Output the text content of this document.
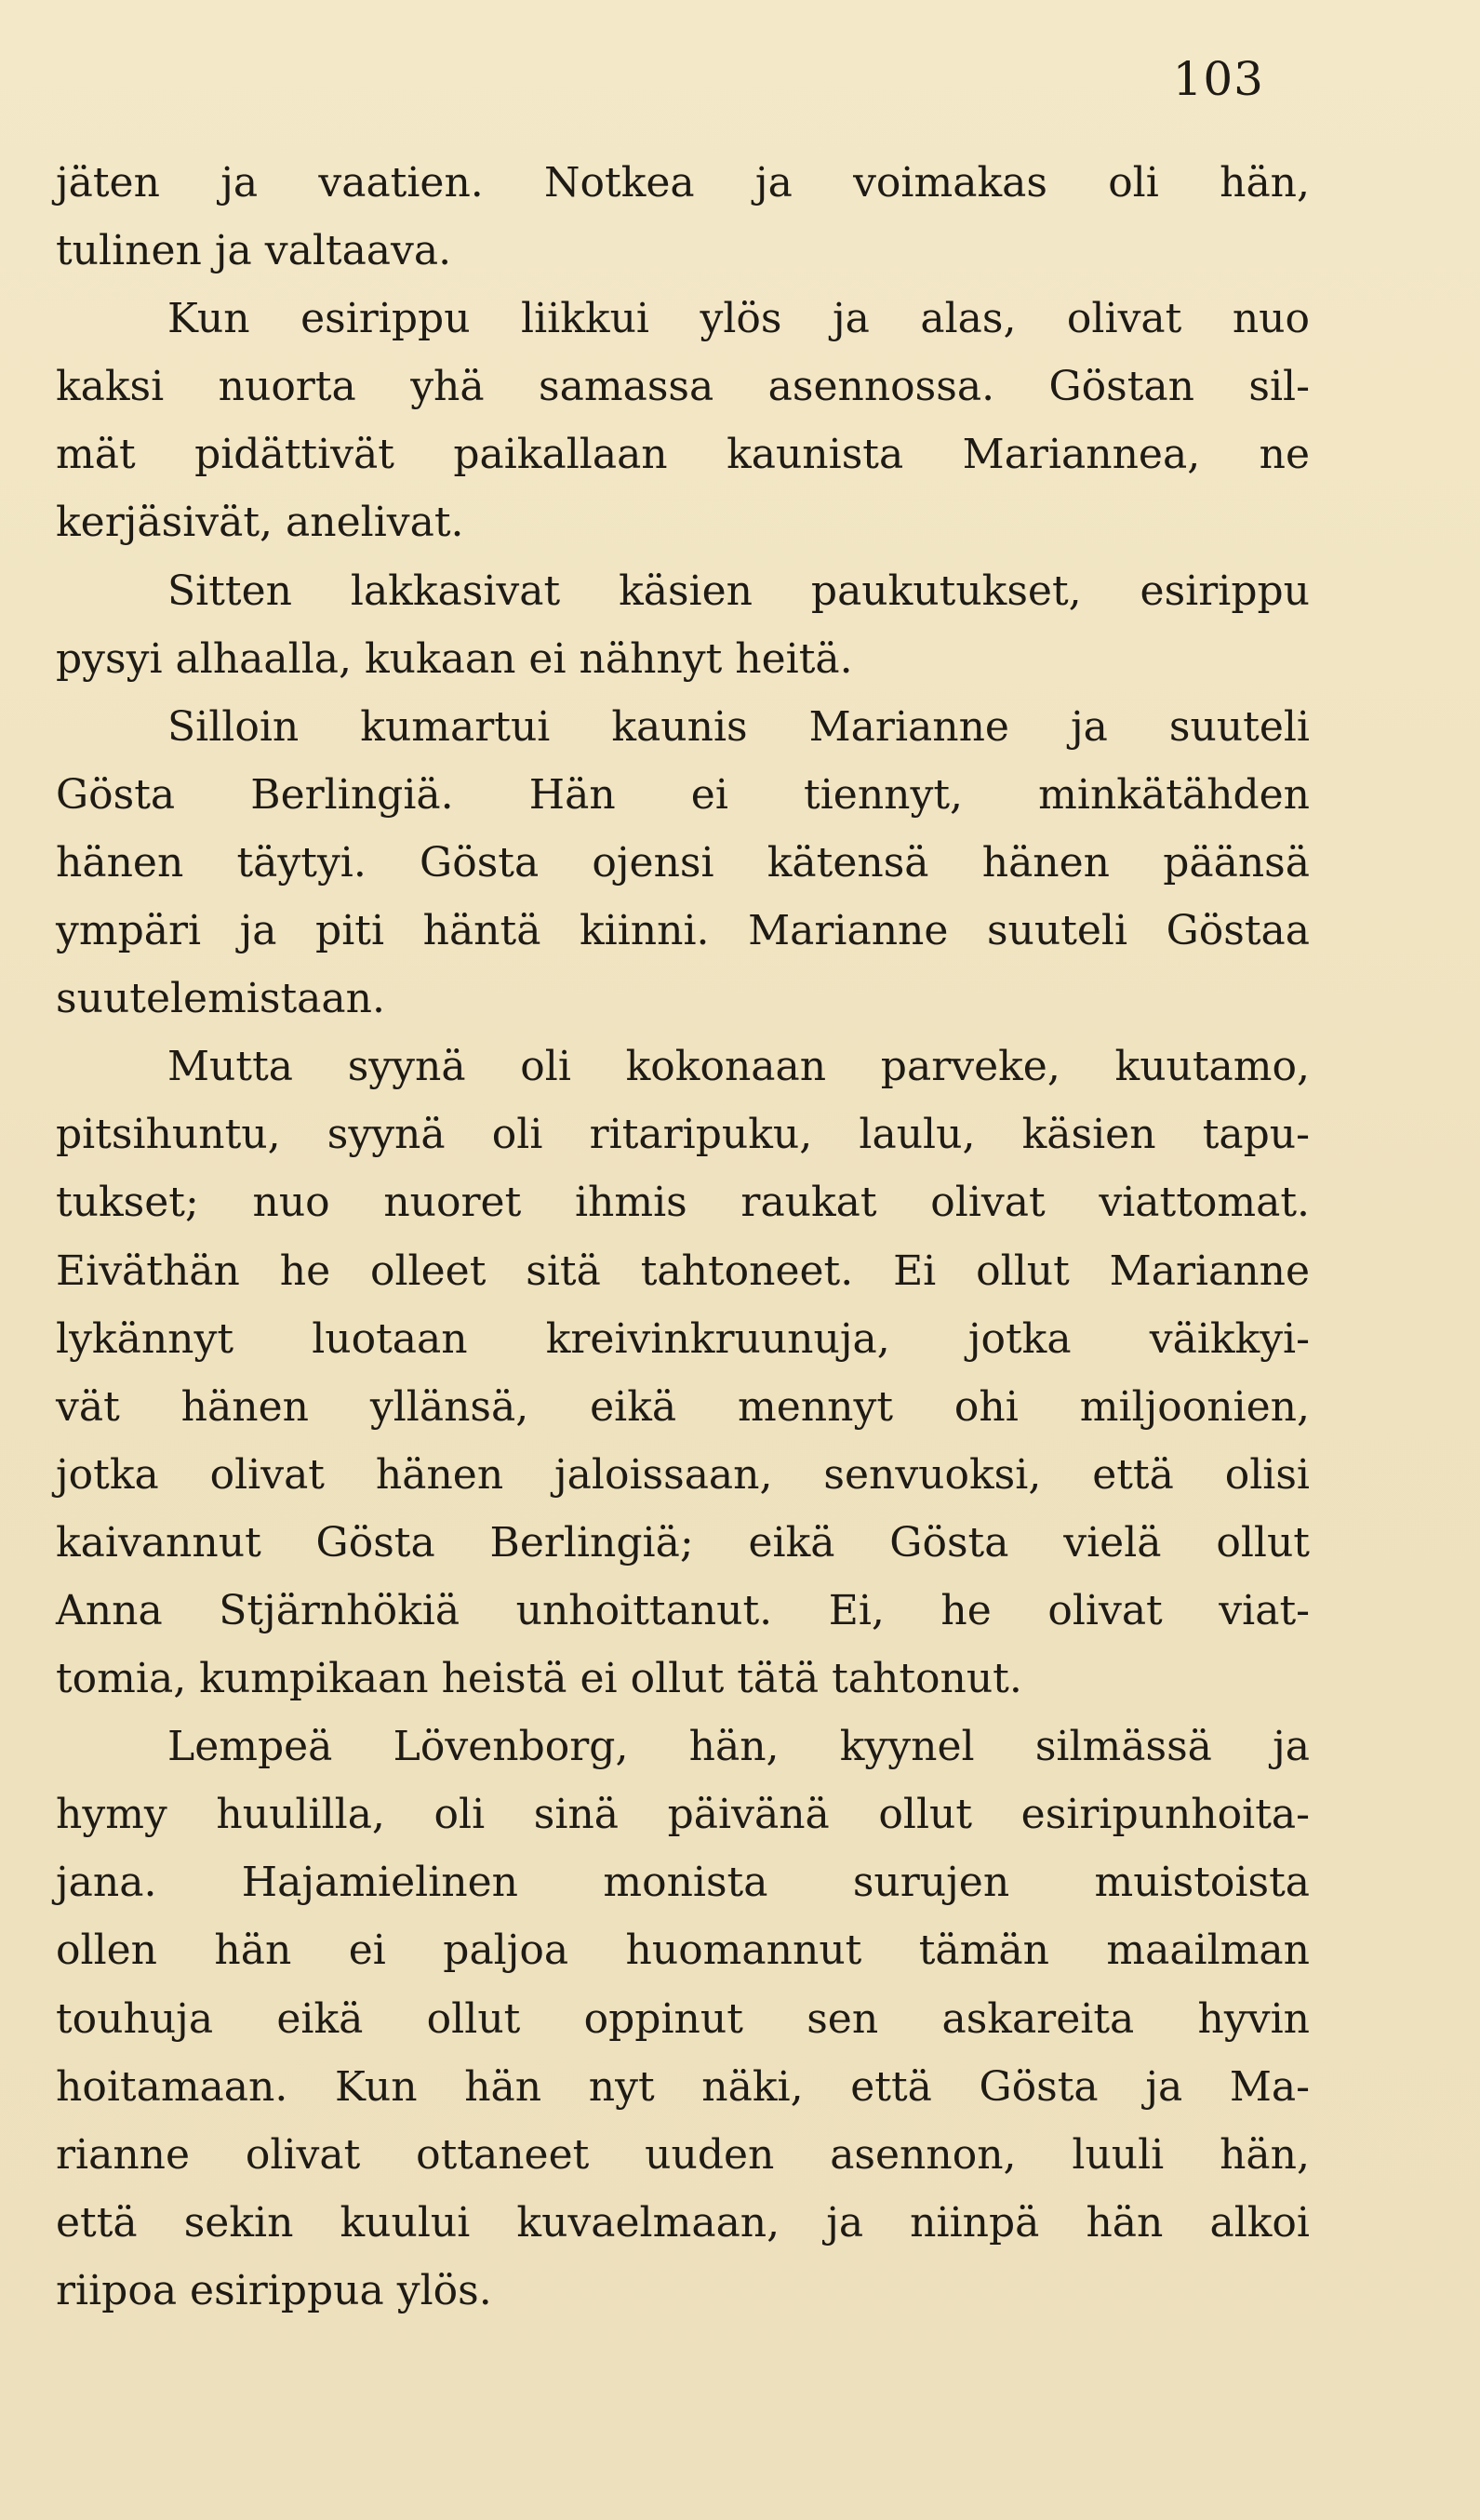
103
jäten ja vaatien. Notkea ja voimakas oli hän,
tulinen ja valtaava.
Kun esirippu liikkui ylös ja alas, olivat nuo
kaksi nuorta yhä samassa asennossa. Göstan sil-
mät pidättivät paikallaan kaunista Mariannea, ne
kerjäsivät, anelivat.
Sitten lakkasivat käsien paukutukset, esirippu
pysyi alhaalla, kukaan ei nähnyt heitä.
Silloin kumartui kaunis Marianne ja suuteli
Gösta Berlingiä. Hän ei tiennyt, minkätähden
hänen täytyi. Gösta ojensi kätensä hänen päänsä
ympäri ja piti häntä kiinni. Marianne suuteli Göstaa
suutelemistaan.
Mutta syynä oli kokonaan parveke, kuutamo,
pitsihuntu, syynä oli ritaripuku, laulu, käsien tapu-
tukset; nuo nuoret ihmis raukat olivat viattomat.
Eiväthän he olleet sitä tahtoneet. Ei ollut Marianne
lykännyt luotaan kreivinkruunuja, jotka väikkyi-
vät hänen yllänsä, eikä mennyt ohi miljoonien,
jotka olivat hänen jaloissaan, senvuoksi, että olisi
kaivannut Gösta Berlingiä; eikä Gösta vielä ollut
Anna Stjärnhökiä unhoittanut. Ei, he olivat viat-
tomia, kumpikaan heistä ei ollut tätä tahtonut.
Lempeä Lövenborg, hän, kyynel silmässä ja
hymy huulilla, oli sinä päivänä ollut esiripunhoita-
jana. Hajamielinen monista surujen muistoista
ollen hän ei paljoa huomannut tämän maailman
touhuja eikä ollut oppinut sen askareita hyvin
hoitamaan. Kun hän nyt näki, että Gösta ja Ma-
rianne olivat ottaneet uuden asennon, luuli hän,
että sekin kuului kuvaelmaan, ja niinpä hän alkoi
riipoa esirippua ylös.
